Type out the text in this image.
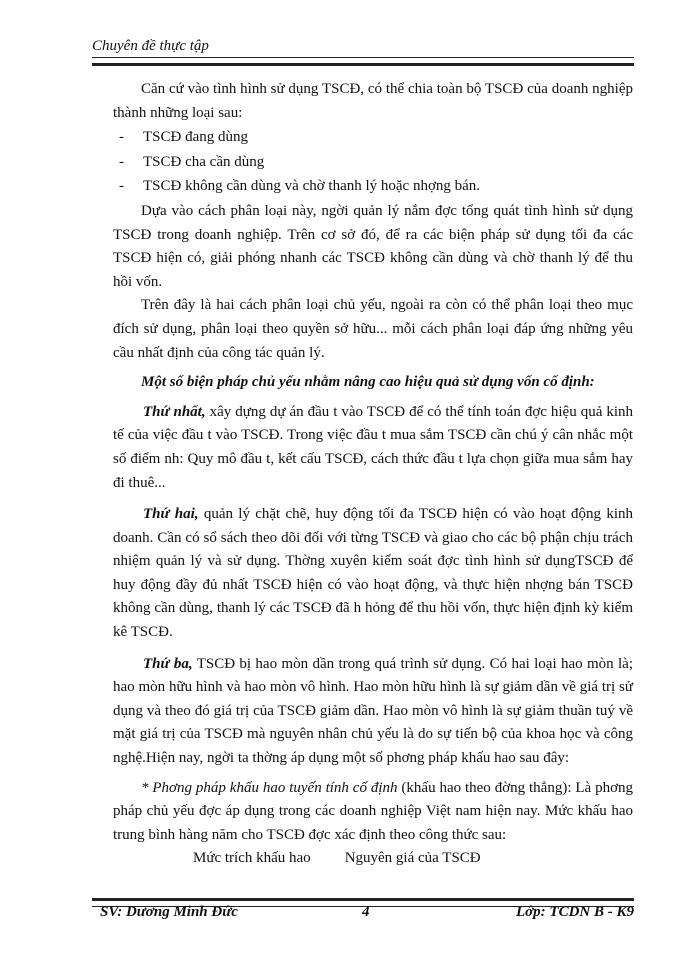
Chuyên đề thực tập

Căn cứ vào tình hình sử dụng TSCĐ, có thể chia toàn bộ TSCĐ của doanh nghiệp thành những loại sau:

- TSCĐ đang dùng

- TSCĐ cha cần dùng

- TSCĐ không cần dùng và chờ thanh lý hoặc nhợng bán.

Dựa vào cách phân loại này, ngời quản lý nắm đợc tổng quát tình hình sử dụng TSCĐ trong doanh nghiệp. Trên cơ sở đó, để ra các biện pháp sử dụng tối đa các TSCĐ hiện có, giải phóng nhanh các TSCĐ không cần dùng và chờ thanh lý để thu hồi vốn.

Trên đây là hai cách phân loại chủ yếu, ngoài ra còn có thể phân loại theo mục đích sử dụng, phân loại theo quyền sở hữu... mỗi cách phân loại đáp ứng những yêu cầu nhất định của công tác quản lý.

Một số biện pháp chủ yếu nhằm nâng cao hiệu quả sử dụng vốn cố định:

Thứ nhất, xây dựng dự án đầu t vào TSCĐ để có thể tính toán đợc hiệu quả kinh tế của việc đầu t vào TSCĐ. Trong việc đầu t mua sắm TSCĐ cần chú ý cân nhắc một số điểm nh: Quy mô đầu t, kết cấu TSCĐ, cách thức đầu t lựa chọn giữa mua sắm hay đi thuê...

Thứ hai, quản lý chặt chẽ, huy động tối đa TSCĐ hiện có vào hoạt động kinh doanh. Cần có sổ sách theo dõi đối với từng TSCĐ và giao cho các bộ phận chịu trách nhiệm quản lý và sử dụng. Thờng xuyên kiểm soát đợc tình hình sử dụngTSCĐ để huy động đầy đủ nhất TSCĐ hiện có vào hoạt động, và thực hiện nhợng bán TSCĐ không cần dùng, thanh lý các TSCĐ đã h hỏng để thu hồi vốn, thực hiện định kỳ kiểm kê TSCĐ.

Thứ ba, TSCĐ bị hao mòn dần trong quá trình sử dụng. Có hai loại hao mòn là; hao mòn hữu hình và hao mòn vô hình. Hao mòn hữu hình là sự giảm dần về giá trị sử dụng và theo đó giá trị của TSCĐ giảm dần. Hao mòn vô hình là sự giảm thuần tuý về mặt giá trị của TSCĐ mà nguyên nhân chủ yếu là do sự tiến bộ của khoa học và công nghệ.Hiện nay, ngời ta thờng áp dụng một số phơng pháp khấu hao sau đây:

* Phơng pháp khấu hao tuyến tính cố định (khấu hao theo đờng thẳng): Là phơng pháp chủ yếu đợc áp dụng trong các doanh nghiệp Việt nam hiện nay. Mức khấu hao trung bình hàng năm cho TSCĐ đợc xác định theo công thức sau:

Mức trích khấu hao Nguyên giá của TSCĐ

SV: Dương Minh Đức	4	Lớp: TCDN B - K9
